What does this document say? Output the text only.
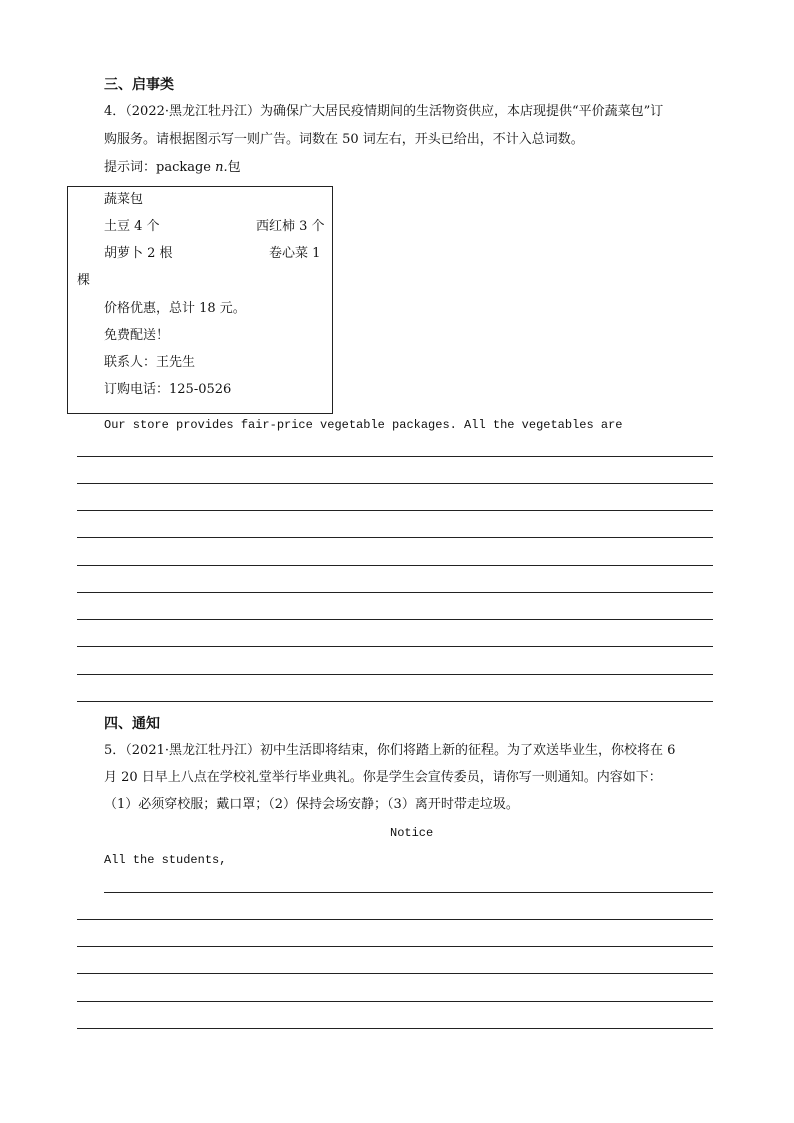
三、启事类
4．（2022·黑龙江牡丹江）为确保广大居民疫情期间的生活物资供应，本店现提供“平价蔬菜包”订
购服务。请根据图示写一则广告。词数在 50 词左右，开头已给出，不计入总词数。
提示词：package n.包
蔬菜包
土豆 4 个	西红柿 3 个
胡萝卜 2 根	卷心菜 1
棵
价格优惠，总计 18 元。
免费配送！
联系人：王先生
订购电话：125-0526
Our store provides fair-price vegetable packages. All the vegetables are
四、通知
5．（2021·黑龙江牡丹江）初中生活即将结束，你们将踏上新的征程。为了欢送毕业生，你校将在 6
月 20 日早上八点在学校礼堂举行毕业典礼。你是学生会宣传委员，请你写一则通知。内容如下：
（1）必须穿校服；戴口罩；（2）保持会场安静；（3）离开时带走垃圾。
Notice
All the students,
